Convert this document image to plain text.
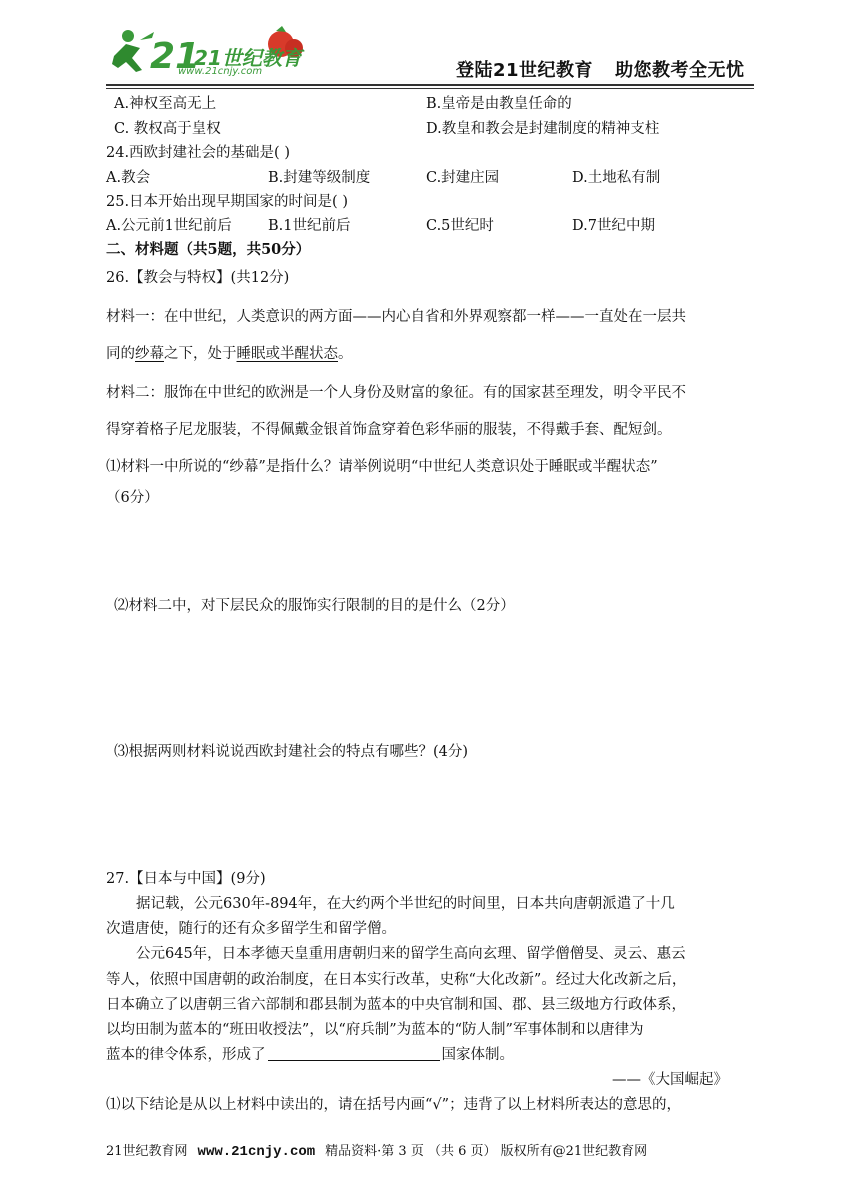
21
21世纪教育
www.21cnjy.com	登陆21世纪教育 助您教考全无忧
A.神权至高无上	B.皇帝是由教皇任命的
C. 教权高于皇权	D.教皇和教会是封建制度的精神支柱
24.西欧封建社会的基础是( )
A.教会	B.封建等级制度	C.封建庄园	D.土地私有制
25.日本开始出现早期国家的时间是( )
A.公元前1世纪前后 B.1世纪前后	C.5世纪时	D.7世纪中期
二、材料题（共5题，共50分）
26.【教会与特权】(共12分)
材料一：在中世纪，人类意识的两方面——内心自省和外界观察都一样——一直处在一层共
同的纱幕之下，处于睡眠或半醒状态。
材料二：服饰在中世纪的欧洲是一个人身份及财富的象征。有的国家甚至理发，明令平民不
得穿着格子尼龙服装，不得佩戴金银首饰盒穿着色彩华丽的服装，不得戴手套、配短剑。
⑴材料一中所说的“纱幕”是指什么？请举例说明“中世纪人类意识处于睡眠或半醒状态”
（6分）
⑵材料二中，对下层民众的服饰实行限制的目的是什么（2分）
⑶根据两则材料说说西欧封建社会的特点有哪些？(4分)
27.【日本与中国】(9分)
据记载，公元630年-894年，在大约两个半世纪的时间里，日本共向唐朝派遣了十几
次遣唐使，随行的还有众多留学生和留学僧。
公元645年，日本孝德天皇重用唐朝归来的留学生高向玄理、留学僧僧旻、灵云、惠云
等人，依照中国唐朝的政治制度，在日本实行改革，史称“大化改新”。经过大化改新之后，
日本确立了以唐朝三省六部制和郡县制为蓝本的中央官制和国、郡、县三级地方行政体系，
以均田制为蓝本的“班田收授法”，以“府兵制”为蓝本的“防人制”军事体制和以唐律为
蓝本的律令体系，形成了	国家体制。
——《大国崛起》
⑴以下结论是从以上材料中读出的，请在括号内画“√”；违背了以上材料所表达的意思的，
21世纪教育网 www.21cnjy.com 精品资料·第 3 页 （共 6 页） 版权所有@21世纪教育网
